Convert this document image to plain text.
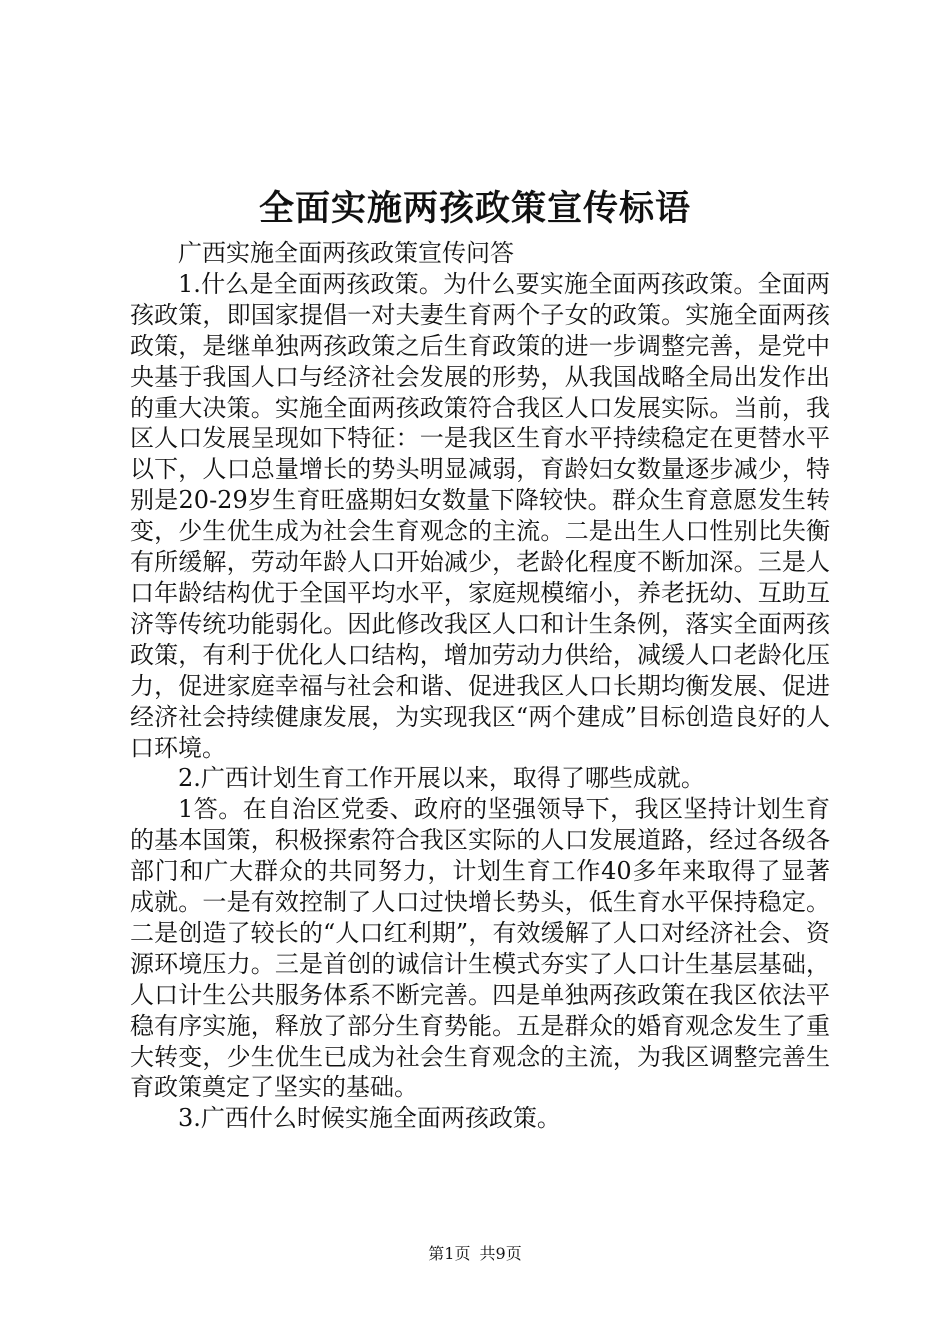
全面实施两孩政策宣传标语

广西实施全面两孩政策宣传问答

1.什么是全面两孩政策。为什么要实施全面两孩政策。全面两孩政策，即国家提倡一对夫妻生育两个子女的政策。实施全面两孩政策，是继单独两孩政策之后生育政策的进一步调整完善，是党中央基于我国人口与经济社会发展的形势，从我国战略全局出发作出的重大决策。实施全面两孩政策符合我区人口发展实际。当前，我区人口发展呈现如下特征：一是我区生育水平持续稳定在更替水平以下，人口总量增长的势头明显减弱，育龄妇女数量逐步减少，特别是20-29岁生育旺盛期妇女数量下降较快。群众生育意愿发生转变，少生优生成为社会生育观念的主流。二是出生人口性别比失衡有所缓解，劳动年龄人口开始减少，老龄化程度不断加深。三是人口年龄结构优于全国平均水平，家庭规模缩小，养老抚幼、互助互济等传统功能弱化。因此修改我区人口和计生条例，落实全面两孩政策，有利于优化人口结构，增加劳动力供给，减缓人口老龄化压力，促进家庭幸福与社会和谐、促进我区人口长期均衡发展、促进经济社会持续健康发展，为实现我区“两个建成”目标创造良好的人口环境。

2.广西计划生育工作开展以来，取得了哪些成就。

1答。在自治区党委、政府的坚强领导下，我区坚持计划生育的基本国策，积极探索符合我区实际的人口发展道路，经过各级各部门和广大群众的共同努力，计划生育工作40多年来取得了显著成就。一是有效控制了人口过快增长势头，低生育水平保持稳定。二是创造了较长的“人口红利期”，有效缓解了人口对经济社会、资源环境压力。三是首创的诚信计生模式夯实了人口计生基层基础，人口计生公共服务体系不断完善。四是单独两孩政策在我区依法平稳有序实施，释放了部分生育势能。五是群众的婚育观念发生了重大转变，少生优生已成为社会生育观念的主流，为我区调整完善生育政策奠定了坚实的基础。

3.广西什么时候实施全面两孩政策。

第1页 共9页
